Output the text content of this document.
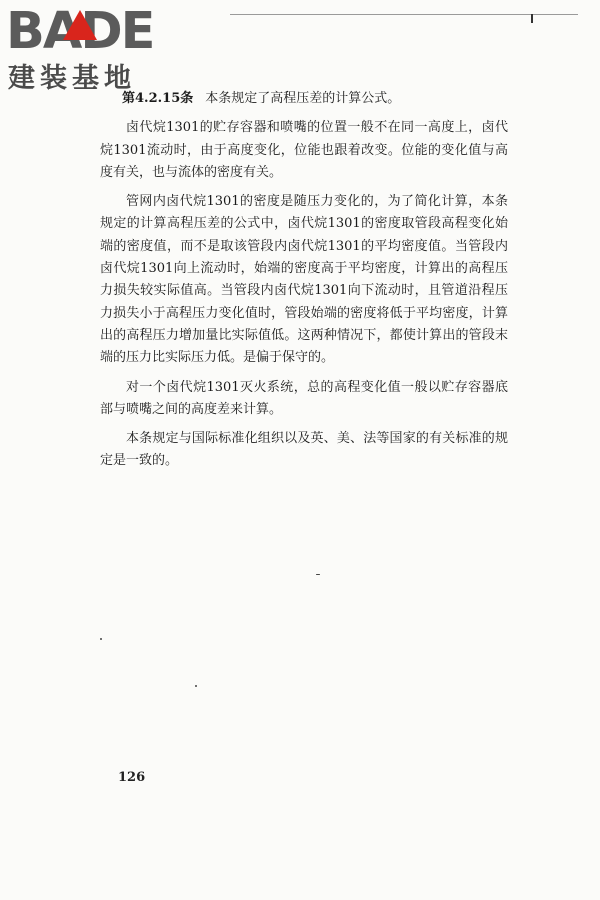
BADE
建装基地

第4.2.15条 本条规定了高程压差的计算公式。

卤代烷1301的贮存容器和喷嘴的位置一般不在同一高度上，卤代烷1301流动时，由于高度变化，位能也跟着改变。位能的变化值与高度有关，也与流体的密度有关。

管网内卤代烷1301的密度是随压力变化的，为了简化计算，本条规定的计算高程压差的公式中，卤代烷1301的密度取管段高程变化始端的密度值，而不是取该管段内卤代烷1301的平均密度值。当管段内卤代烷1301向上流动时，始端的密度高于平均密度，计算出的高程压力损失较实际值高。当管段内卤代烷1301向下流动时，且管道沿程压力损失小于高程压力变化值时，管段始端的密度将低于平均密度，计算出的高程压力增加量比实际值低。这两种情况下，都使计算出的管段末端的压力比实际压力低。是偏于保守的。

对一个卤代烷1301灭火系统，总的高程变化值一般以贮存容器底部与喷嘴之间的高度差来计算。

本条规定与国际标准化组织以及英、美、法等国家的有关标准的规定是一致的。

126
